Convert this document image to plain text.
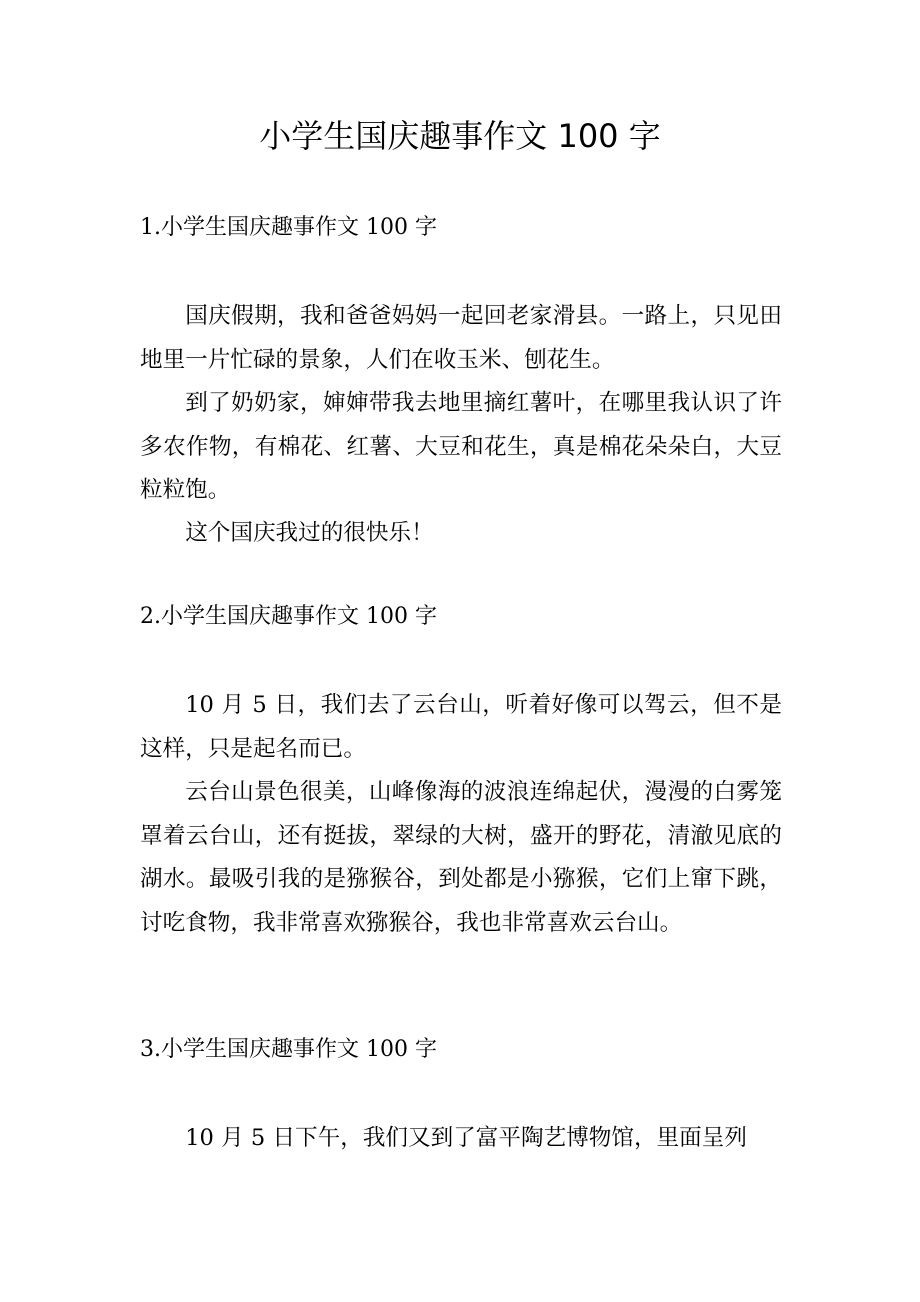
小学生国庆趣事作文 100 字
1.小学生国庆趣事作文 100 字

国庆假期，我和爸爸妈妈一起回老家滑县。一路上，只见田地里一片忙碌的景象，人们在收玉米、刨花生。

到了奶奶家，婶婶带我去地里摘红薯叶，在哪里我认识了许多农作物，有棉花、红薯、大豆和花生，真是棉花朵朵白，大豆粒粒饱。

这个国庆我过的很快乐！

2.小学生国庆趣事作文 100 字

10 月 5 日，我们去了云台山，听着好像可以驾云，但不是这样，只是起名而已。

云台山景色很美，山峰像海的波浪连绵起伏，漫漫的白雾笼罩着云台山，还有挺拔，翠绿的大树，盛开的野花，清澈见底的湖水。最吸引我的是猕猴谷，到处都是小猕猴，它们上窜下跳，讨吃食物，我非常喜欢猕猴谷，我也非常喜欢云台山。

3.小学生国庆趣事作文 100 字

10 月 5 日下午，我们又到了富平陶艺博物馆，里面呈列
